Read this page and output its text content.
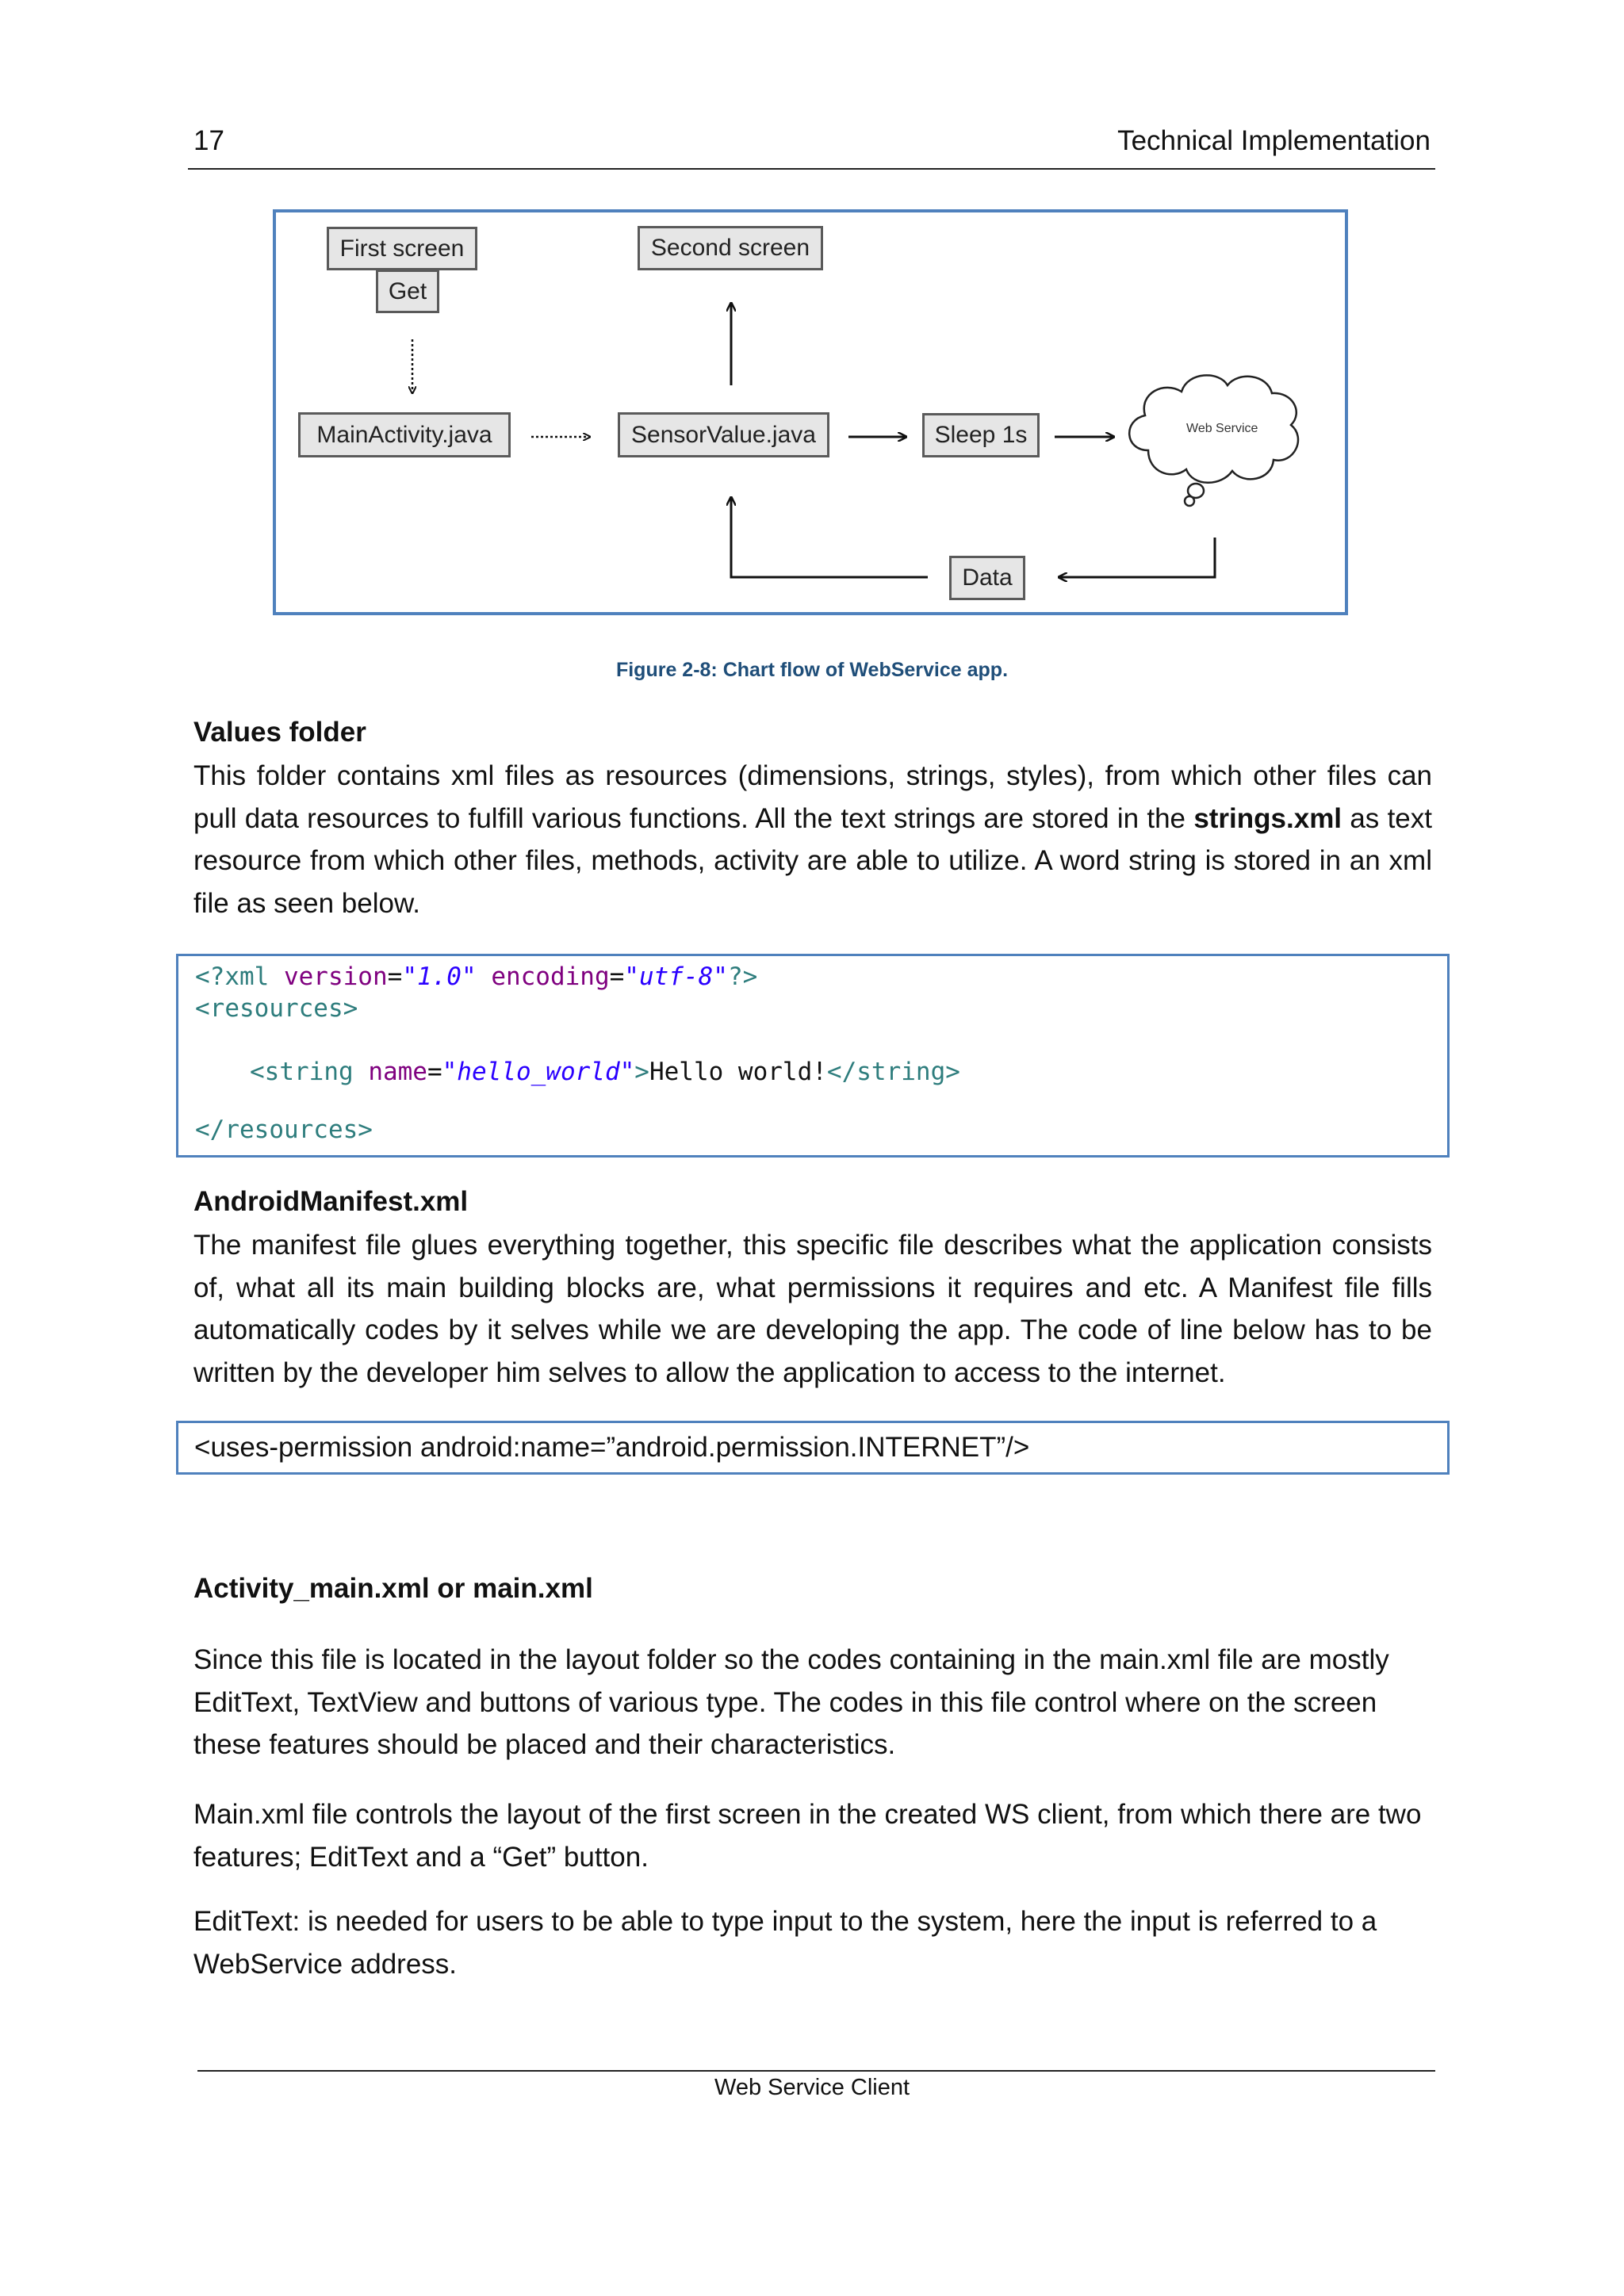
17	Technical Implementation
First screen
Get
Second screen
MainActivity.java	SensorValue.java	Sleep 1s
Data
Web Service
Figure 2-8: Chart flow of WebService app.
Values folder
This folder contains xml files as resources (dimensions, strings, styles), from which other files can pull data resources to fulfill various functions. All the text strings are stored in the strings.xml as text resource from which other files, methods, activity are able to utilize. A word string is stored in an xml file as seen below.
<?xml version="1.0" encoding="utf-8"?>
<resources>
<string name="hello_world">Hello world!</string>
</resources>
AndroidManifest.xml
The manifest file glues everything together, this specific file describes what the application consists of, what all its main building blocks are, what permissions it requires and etc. A Manifest file fills automatically codes by it selves while we are developing the app. The code of line below has to be written by the developer him selves to allow the application to access to the internet.
<uses-permission android:name=”android.permission.INTERNET”/>
Activity_main.xml or main.xml
Since this file is located in the layout folder so the codes containing in the main.xml file are mostly EditText, TextView and buttons of various type. The codes in this file control where on the screen these features should be placed and their characteristics.
Main.xml file controls the layout of the first screen in the created WS client, from which there are two features; EditText and a “Get” button.
EditText: is needed for users to be able to type input to the system, here the input is referred to a WebService address.
Web Service Client
